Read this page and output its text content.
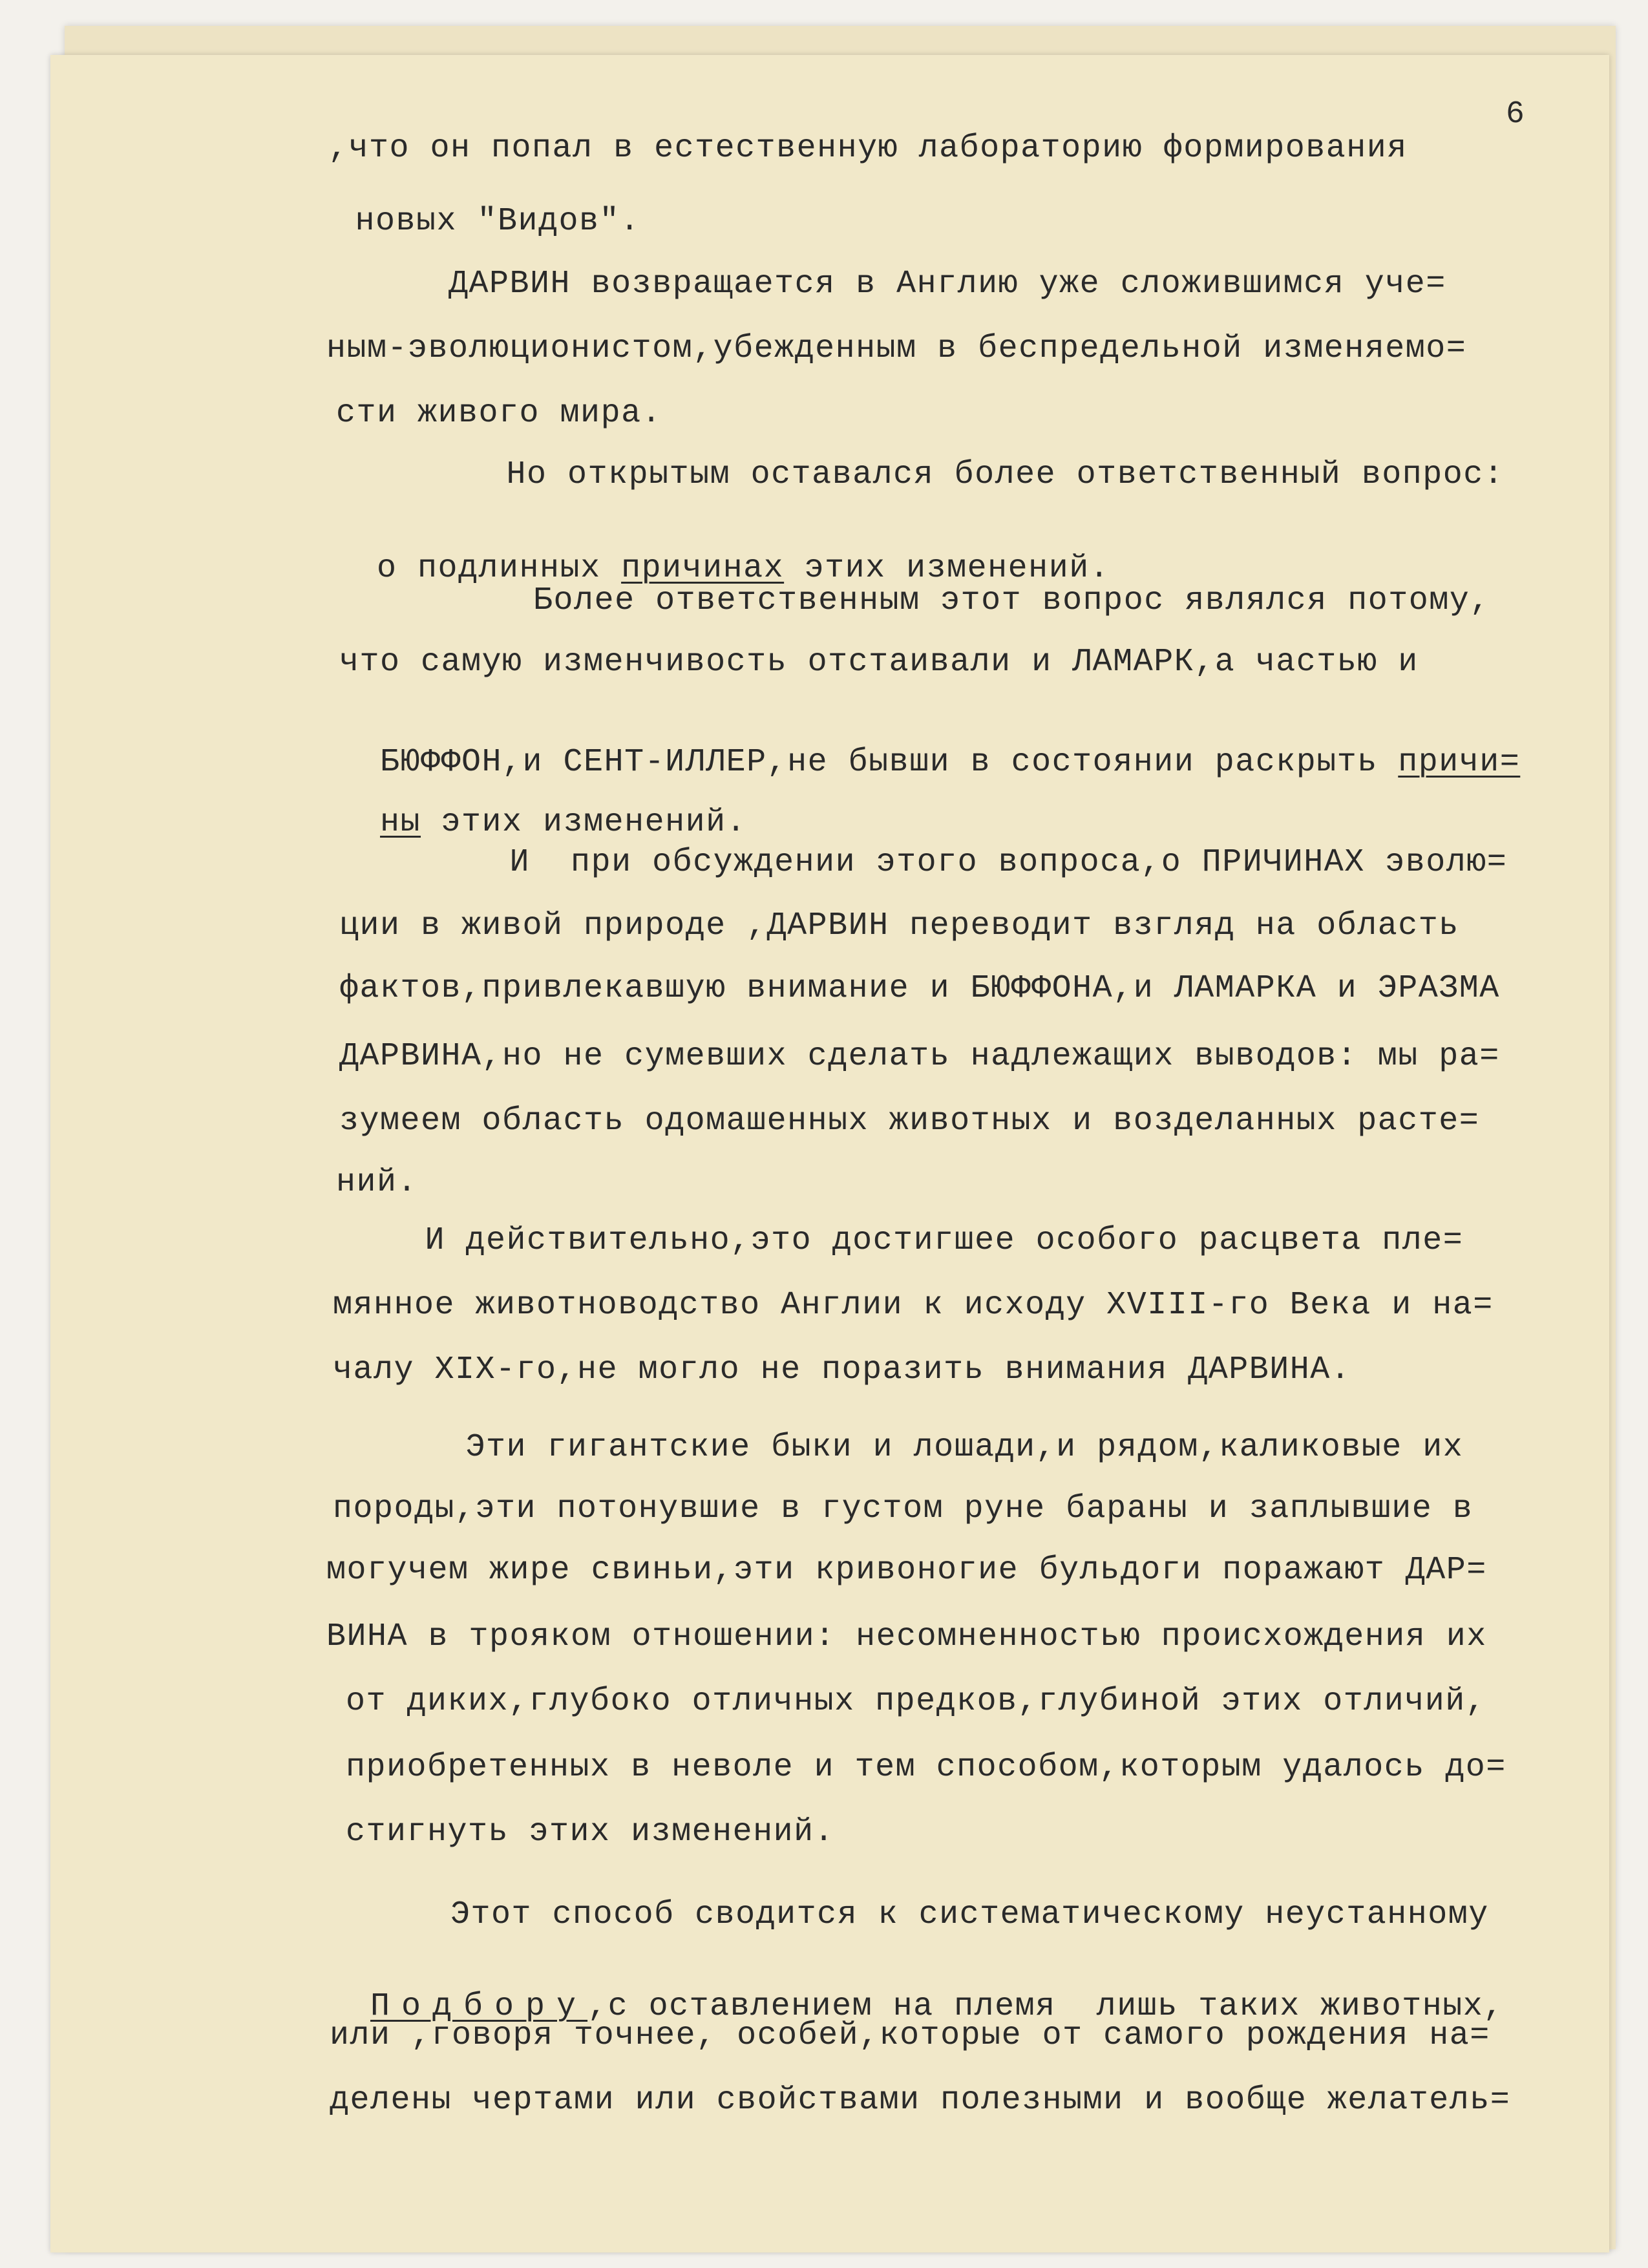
6
,что он попал в естественную лабораторию формирования
новых "Видов".
ДАРВИН возвращается в Англию уже сложившимся уче=
ным-эволюционистом,убежденным в беспредельной изменяемо=
сти живого мира.
Но открытым оставался более ответственный вопрос:

о подлинных причинах этих изменений.

Более ответственным этот вопрос являлся потому,
что самую изменчивость отстаивали и ЛАМАРК,а частью и

БЮФФОН,и СЕНТ-ИЛЛЕР,не бывши в состоянии раскрыть причи=

ны этих изменений.

И  при обсуждении этого вопроса,о ПРИЧИНАХ эволю=
ции в живой природе ,ДАРВИН переводит взгляд на область
фактов,привлекавшую внимание и БЮФФОНА,и ЛАМАРКА и ЭРАЗМА
ДАРВИНА,но не сумевших сделать надлежащих выводов: мы ра=
зумеем область одомашенных животных и возделанных расте=
ний.
И действительно,это достигшее особого расцвета пле=
мянное животноводство Англии к исходу XVIII-го Века и на=
чалу XIX-го,не могло не поразить внимания ДАРВИНА.
Эти гигантские быки и лошади,и рядом,каликовые их
породы,эти потонувшие в густом руне бараны и заплывшие в
могучем жире свиньи,эти кривоногие бульдоги поражают ДАР=
ВИНА в трояком отношении: несомненностью происхождения их
от диких,глубоко отличных предков,глубиной этих отличий,
приобретенных в неволе и тем способом,которым удалось до=
стигнуть этих изменений.
Этот способ сводится к систематическому неустанному

Подбору,с оставлением на племя  лишь таких животных,

или ,говоря точнее, особей,которые от самого рождения на=
делены чертами или свойствами полезными и вообще желатель=
